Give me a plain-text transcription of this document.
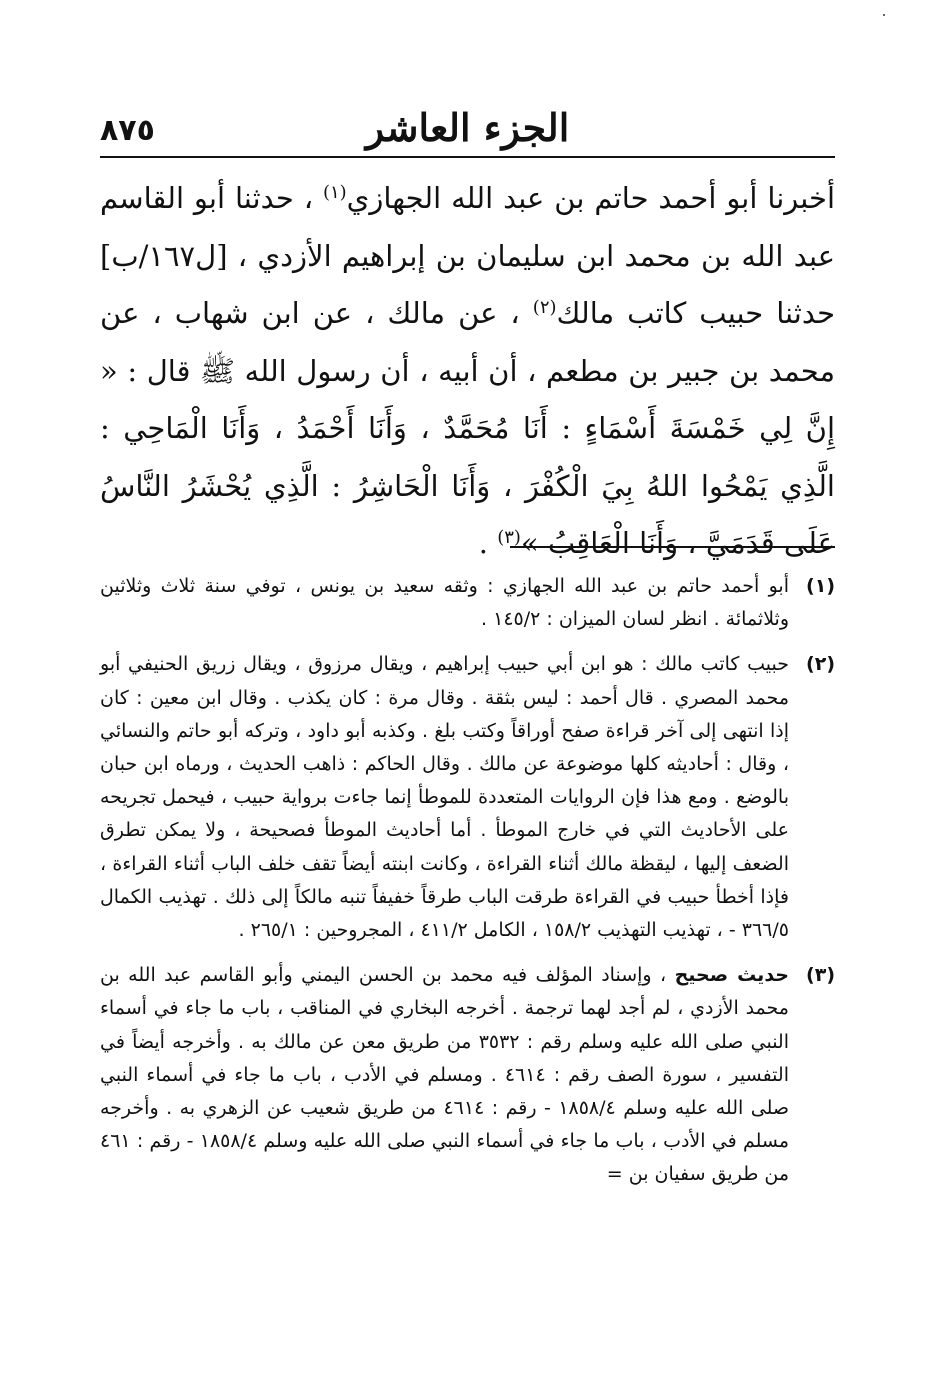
٨٧٥	الجزء العاشر

أخبرنا أبو أحمد حاتم بن عبد الله الجهازي$^{(١)}$ ، حدثنا أبو القاسم عبد الله بن محمد ابن سليمان بن إبراهيم الأزدي ، [ل١٦٧/ب] حدثنا حبيب كاتب مالك$^{(٢)}$ ، عن مالك ، عن ابن شهاب ، عن محمد بن جبير بن مطعم ، أن أبيه ، أن رسول الله ﷺ قال : « إِنَّ لِي خَمْسَةَ أَسْمَاءٍ : أَنَا مُحَمَّدٌ ، وَأَنَا أَحْمَدُ ، وَأَنَا الْمَاحِي : الَّذِي يَمْحُوا اللهُ بِيَ الْكُفْرَ ، وَأَنَا الْحَاشِرُ : الَّذِي يُحْشَرُ النَّاسُ عَلَى قَدَمَيَّ ، وَأَنَا الْعَاقِبُ »$^{(٣)}$ .

(١)
أبو أحمد حاتم بن عبد الله الجهازي : وثقه سعيد بن يونس ، توفي سنة ثلاث وثلاثين وثلاثمائة . انظر لسان الميزان : ١٤٥/٢ .
(٢)
حبيب كاتب مالك : هو ابن أبي حبيب إبراهيم ، ويقال مرزوق ، ويقال زريق الحنيفي أبو محمد المصري . قال أحمد : ليس بثقة . وقال مرة : كان يكذب . وقال ابن معين : كان إذا انتهى إلى آخر قراءة صفح أوراقاً وكتب بلغ . وكذبه أبو داود ، وتركه أبو حاتم والنسائي ، وقال : أحاديثه كلها موضوعة عن مالك . وقال الحاكم : ذاهب الحديث ، ورماه ابن حبان بالوضع . ومع هذا فإن الروايات المتعددة للموطأ إنما جاءت برواية حبيب ، فيحمل تجريحه على الأحاديث التي في خارج الموطأ . أما أحاديث الموطأ فصحيحة ، ولا يمكن تطرق الضعف إليها ، ليقظة مالك أثناء القراءة ، وكانت ابنته أيضاً تقف خلف الباب أثناء القراءة ، فإذا أخطأ حبيب في القراءة طرقت الباب طرقاً خفيفاً تنبه مالكاً إلى ذلك . تهذيب الكمال ٣٦٦/٥ - ، تهذيب التهذيب ١٥٨/٢ ، الكامل ٤١١/٢ ، المجروحين : ٢٦٥/١ .
(٣)
حديث صحيح ، وإسناد المؤلف فيه محمد بن الحسن اليمني وأبو القاسم عبد الله بن محمد الأزدي ، لم أجد لهما ترجمة . أخرجه البخاري في المناقب ، باب ما جاء في أسماء النبي صلى الله عليه وسلم رقم : ٣٥٣٢ من طريق معن عن مالك به . وأخرجه أيضاً في التفسير ، سورة الصف رقم : ٤٦١٤ . ومسلم في الأدب ، باب ما جاء في أسماء النبي صلى الله عليه وسلم ١٨٥٨/٤ - رقم : ٤٦١٤ من طريق شعيب عن الزهري به . وأخرجه مسلم في الأدب ، باب ما جاء في أسماء النبي صلى الله عليه وسلم ١٨٥٨/٤ - رقم : ٤٦١ من طريق سفيان بن =
